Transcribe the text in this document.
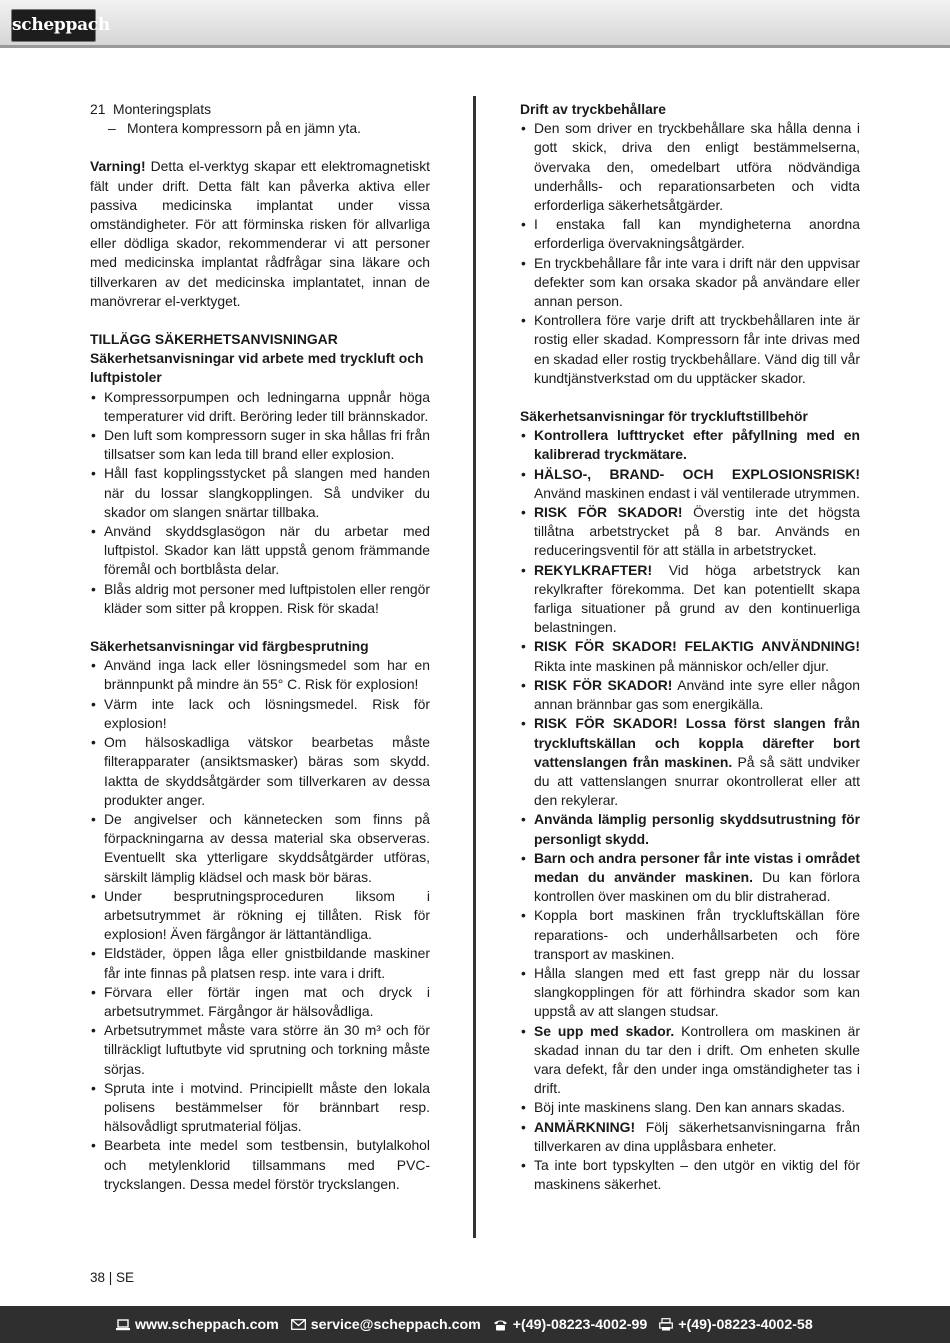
scheppach
21 Monteringsplats
– Montera kompressorn på en jämn yta.

Varning! Detta el-verktyg skapar ett elektromagnetiskt fält under drift. Detta fält kan påverka aktiva eller passiva medicinska implantat under vissa omständigheter. För att förminska risken för allvarliga eller dödliga skador, rekommenderar vi att personer med medicinska implantat rådfrågar sina läkare och tillverkaren av det medicinska implantatet, innan de manövrerar el-verktyget.

TILLÄGG SÄKERHETSANVISNINGAR
Säkerhetsanvisningar vid arbete med tryckluft och luftpistoler
• Kompressorpumpen och ledningarna uppnår höga temperaturer vid drift. Beröring leder till brännskador.
• Den luft som kompressorn suger in ska hållas fri från tillsatser som kan leda till brand eller explosion.
• Håll fast kopplingsstycket på slangen med handen när du lossar slangkopplingen. Så undviker du skador om slangen snärtar tillbaka.
• Använd skyddsglasögon när du arbetar med luftpistol. Skador kan lätt uppstå genom främmande föremål och bortblåsta delar.
• Blås aldrig mot personer med luftpistolen eller rengör kläder som sitter på kroppen. Risk för skada!
Säkerhetsanvisningar vid färgbesprutning
• Använd inga lack eller lösningsmedel som har en brännpunkt på mindre än 55° C. Risk för explosion!
• Värm inte lack och lösningsmedel. Risk för explosion!
• Om hälsoskadliga vätskor bearbetas måste filterapparater (ansiktsmasker) bäras som skydd. Iaktta de skyddsåtgärder som tillverkaren av dessa produkter anger.
• De angivelser och kännetecken som finns på förpackningarna av dessa material ska observeras. Eventuellt ska ytterligare skyddsåtgärder utföras, särskilt lämplig klädsel och mask bör bäras.
• Under besprutningsproceduren liksom i arbetsutrymmet är rökning ej tillåten. Risk för explosion! Även färgångor är lättantändliga.
• Eldstäder, öppen låga eller gnistbildande maskiner får inte finnas på platsen resp. inte vara i drift.
• Förvara eller förtär ingen mat och dryck i arbetsutrymmet. Färgångor är hälsovådliga.
• Arbetsutrymmet måste vara större än 30 m³ och för tillräckligt luftutbyte vid sprutning och torkning måste sörjas.
• Spruta inte i motvind. Principiellt måste den lokala polisens bestämmelser för brännbart resp. hälsovådligt sprutmaterial följas.
• Bearbeta inte medel som testbensin, butylalkohol och metylenklorid tillsammans med PVC-tryckslangen. Dessa medel förstör tryckslangen.
Drift av tryckbehållare
• Den som driver en tryckbehållare ska hålla denna i gott skick, driva den enligt bestämmelserna, övervaka den, omedelbart utföra nödvändiga underhålls- och reparationsarbeten och vidta erforderliga säkerhetsåtgärder.
• I enstaka fall kan myndigheterna anordna erforderliga övervakningsåtgärder.
• En tryckbehållare får inte vara i drift när den uppvisar defekter som kan orsaka skador på användare eller annan person.
• Kontrollera före varje drift att tryckbehållaren inte är rostig eller skadad. Kompressorn får inte drivas med en skadad eller rostig tryckbehållare. Vänd dig till vår kundtjänstverkstad om du upptäcker skador.
Säkerhetsanvisningar för tryckluftstillbehör
• Kontrollera lufttrycket efter påfyllning med en kalibrerad tryckmätare.
• HÄLSO-, BRAND- OCH EXPLOSIONSRISK! Använd maskinen endast i väl ventilerade utrymmen.
• RISK FÖR SKADOR! Överstig inte det högsta tillåtna arbetstrycket på 8 bar. Används en reduceringsventil för att ställa in arbetstrycket.
• REKYLKRAFTER! Vid höga arbetstryck kan rekylkrafter förekomma. Det kan potentiellt skapa farliga situationer på grund av den kontinuerliga belastningen.
• RISK FÖR SKADOR! FELAKTIG ANVÄNDNING! Rikta inte maskinen på människor och/eller djur.
• RISK FÖR SKADOR! Använd inte syre eller någon annan brännbar gas som energikälla.
• RISK FÖR SKADOR! Lossa först slangen från tryckluftskällan och koppla därefter bort vattenslangen från maskinen. På så sätt undviker du att vattenslangen snurrar okontrollerat eller att den rekylerar.
• Använda lämplig personlig skyddsutrustning för personligt skydd.
• Barn och andra personer får inte vistas i området medan du använder maskinen. Du kan förlora kontrollen över maskinen om du blir distraherad.
• Koppla bort maskinen från tryckluftskällan före reparations- och underhållsarbeten och före transport av maskinen.
• Hålla slangen med ett fast grepp när du lossar slangkopplingen för att förhindra skador som kan uppstå av att slangen studsar.
• Se upp med skador. Kontrollera om maskinen är skadad innan du tar den i drift. Om enheten skulle vara defekt, får den under inga omständigheter tas i drift.
• Böj inte maskinens slang. Den kan annars skadas.
• ANMÄRKNING! Följ säkerhetsanvisningarna från tillverkaren av dina upplåsbara enheter.
• Ta inte bort typskylten – den utgör en viktig del för maskinens säkerhet.
38 | SE
www.scheppach.com service@scheppach.com +(49)-08223-4002-99 +(49)-08223-4002-58
